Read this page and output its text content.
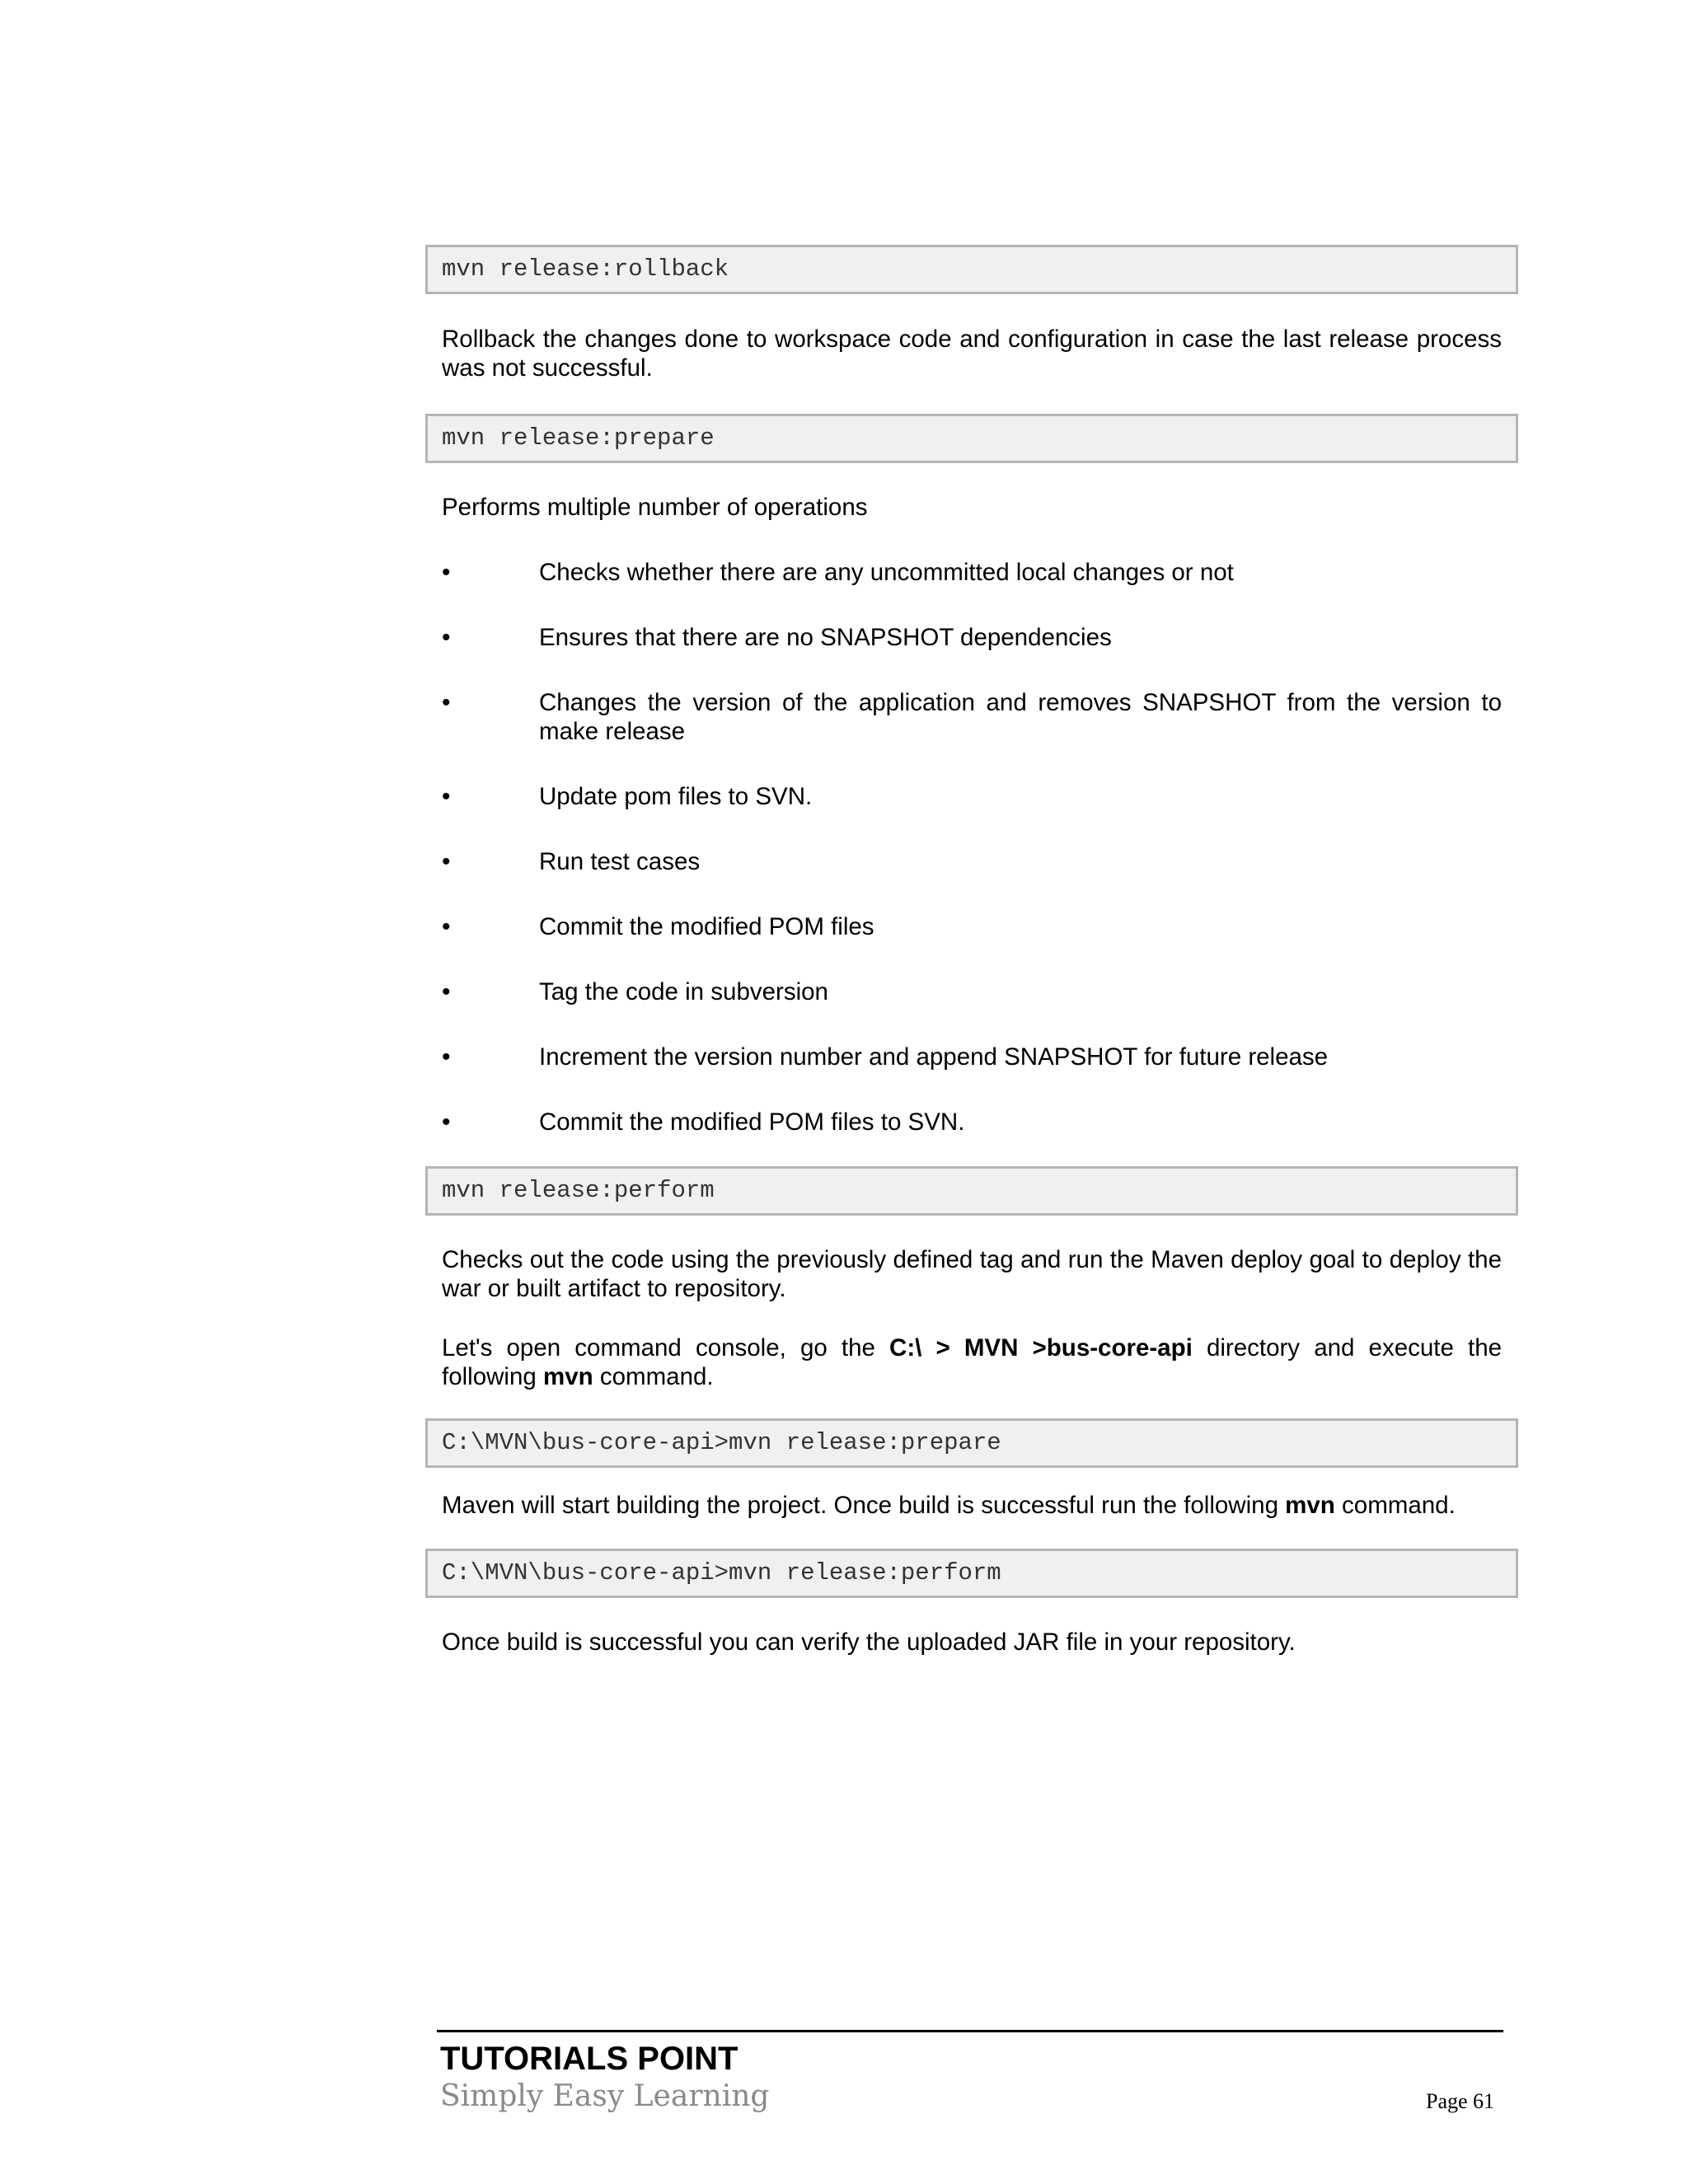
mvn release:rollback

Rollback the changes done to workspace code and configuration in case the last release process was not successful.

mvn release:prepare

Performs multiple number of operations

•	Checks whether there are any uncommitted local changes or not
•	Ensures that there are no SNAPSHOT dependencies
•	Changes the version of the application and removes SNAPSHOT from the version to make release
•	Update pom files to SVN.
•	Run test cases
•	Commit the modified POM files
•	Tag the code in subversion
•	Increment the version number and append SNAPSHOT for future release
•	Commit the modified POM files to SVN.
mvn release:perform

Checks out the code using the previously defined tag and run the Maven deploy goal to deploy the war or built artifact to repository.

Let's open command console, go the C:\ > MVN >bus-core-api directory and execute the following mvn command.

C:\MVN\bus-core-api>mvn release:prepare

Maven will start building the project. Once build is successful run the following mvn command.

C:\MVN\bus-core-api>mvn release:perform

Once build is successful you can verify the uploaded JAR file in your repository.

TUTORIALS POINT
Simply Easy Learning	Page 61
